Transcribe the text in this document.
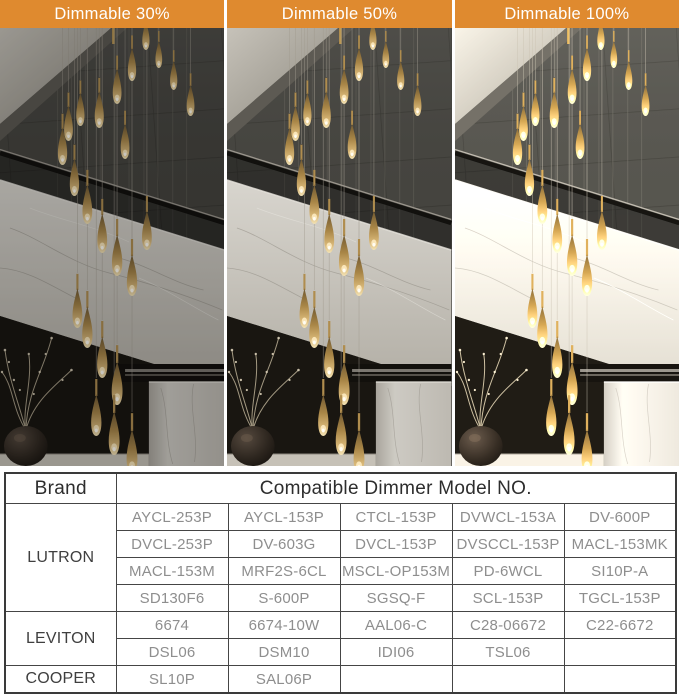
Dimmable 30%	Dimmable 50%	Dimmable 100%
Brand	Compatible Dimmer Model NO.				
LUTRON	AYCL-253P	AYCL-153P	CTCL-153P	DVWCL-153A	DV-600P
	DVCL-253P	DV-603G	DVCL-153P	DVSCCL-153P	MACL-153MK
	MACL-153M	MRF2S-6CL	MSCL-OP153M	PD-6WCL	SI10P-A
	SD130F6	S-600P	SGSQ-F	SCL-153P	TGCL-153P
LEVITON	6674	6674-10W	AAL06-C	C28-06672	C22-6672
	DSL06	DSM10	IDI06	TSL06	
COOPER	SL10P	SAL06P			
